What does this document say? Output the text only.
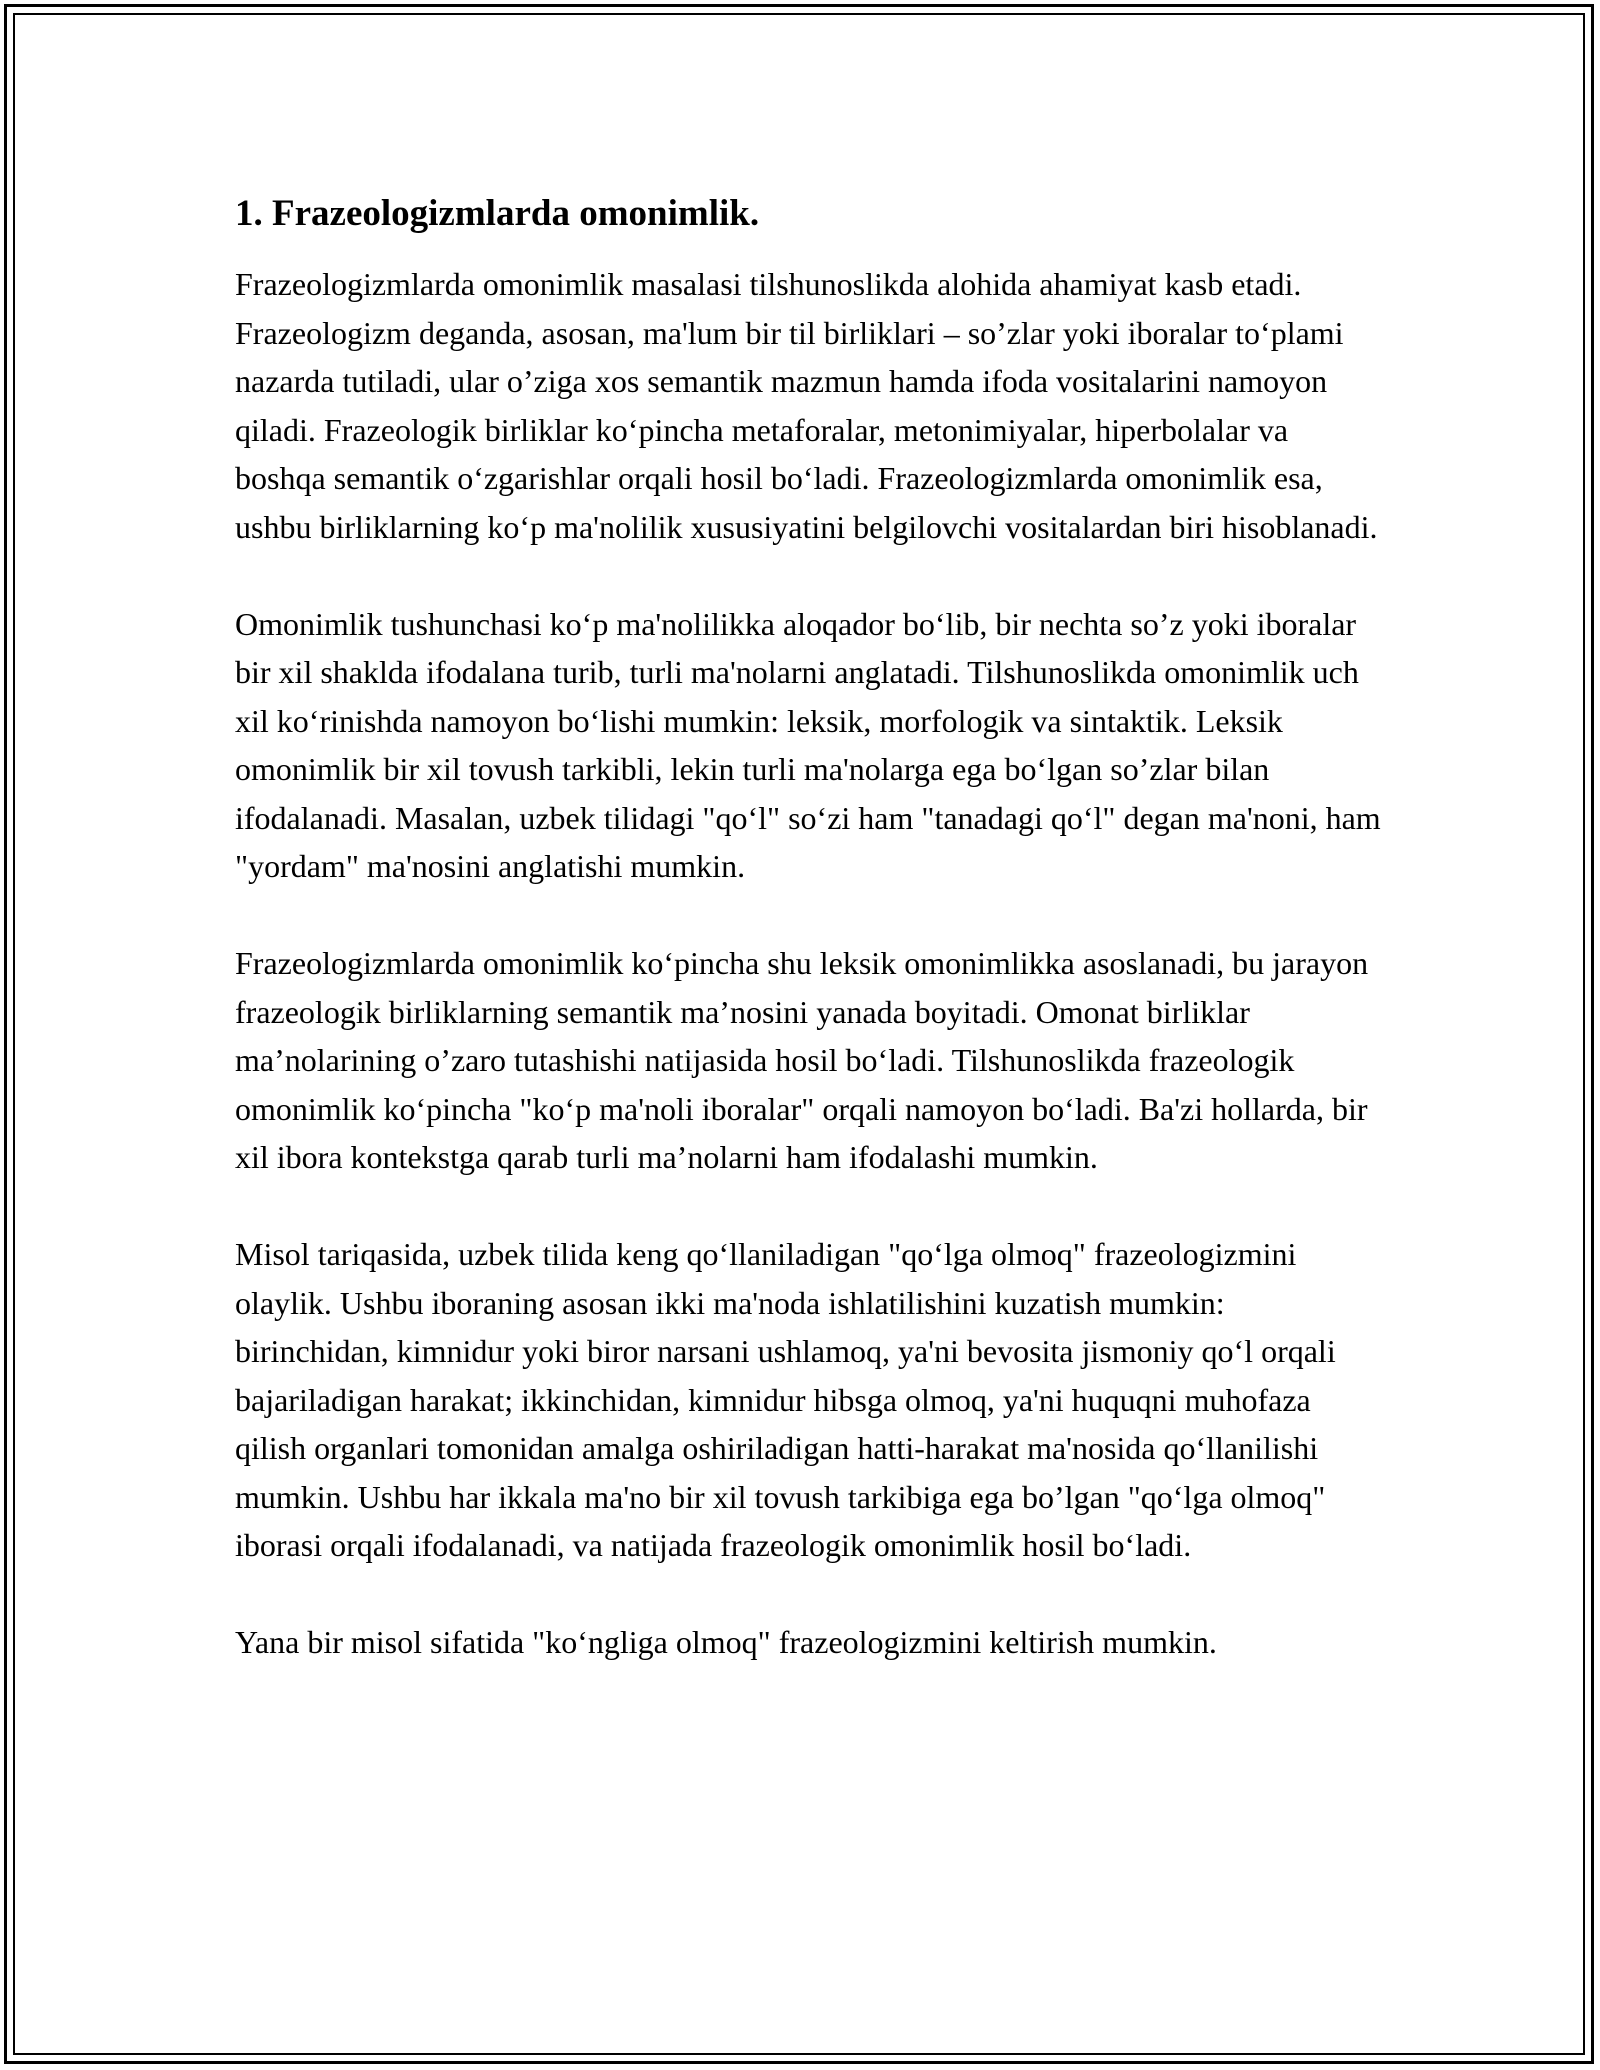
1. Frazeologizmlarda omonimlik.

Frazeologizmlarda omonimlik masalasi tilshunoslikda alohida ahamiyat kasb etadi. Frazeologizm deganda, asosan, ma'lum bir til birliklari – so’zlar yoki iboralar to‘plami nazarda tutiladi, ular o’ziga xos semantik mazmun hamda ifoda vositalarini namoyon qiladi. Frazeologik birliklar ko‘pincha metaforalar, metonimiyalar, hiperbolalar va boshqa semantik o‘zgarishlar orqali hosil bo‘ladi. Frazeologizmlarda omonimlik esa, ushbu birliklarning ko‘p ma'nolilik xususiyatini belgilovchi vositalardan biri hisoblanadi.

Omonimlik tushunchasi ko‘p ma'nolilikka aloqador bo‘lib, bir nechta so’z yoki iboralar bir xil shaklda ifodalana turib, turli ma'nolarni anglatadi. Tilshunoslikda omonimlik uch xil ko‘rinishda namoyon bo‘lishi mumkin: leksik, morfologik va sintaktik. Leksik omonimlik bir xil tovush tarkibli, lekin turli ma'nolarga ega bo‘lgan so’zlar bilan ifodalanadi. Masalan, uzbek tilidagi "qo‘l" so‘zi ham "tanadagi qo‘l" degan ma'noni, ham "yordam" ma'nosini anglatishi mumkin.

Frazeologizmlarda omonimlik ko‘pincha shu leksik omonimlikka asoslanadi, bu jarayon frazeologik birliklarning semantik ma’nosini yanada boyitadi. Omonat birliklar ma’nolarining o’zaro tutashishi natijasida hosil bo‘ladi. Tilshunoslikda frazeologik omonimlik ko‘pincha "ko‘p ma'noli iboralar" orqali namoyon bo‘ladi. Ba'zi hollarda, bir xil ibora kontekstga qarab turli ma’nolarni ham ifodalashi mumkin.

Misol tariqasida, uzbek tilida keng qo‘llaniladigan "qo‘lga olmoq" frazeologizmini olaylik. Ushbu iboraning asosan ikki ma'noda ishlatilishini kuzatish mumkin: birinchidan, kimnidur yoki biror narsani ushlamoq, ya'ni bevosita jismoniy qo‘l orqali bajariladigan harakat; ikkinchidan, kimnidur hibsga olmoq, ya'ni huquqni muhofaza qilish organlari tomonidan amalga oshiriladigan hatti-harakat ma'nosida qo‘llanilishi mumkin. Ushbu har ikkala ma'no bir xil tovush tarkibiga ega bo’lgan "qo‘lga olmoq" iborasi orqali ifodalanadi, va natijada frazeologik omonimlik hosil bo‘ladi.

Yana bir misol sifatida "ko‘ngliga olmoq" frazeologizmini keltirish mumkin.
